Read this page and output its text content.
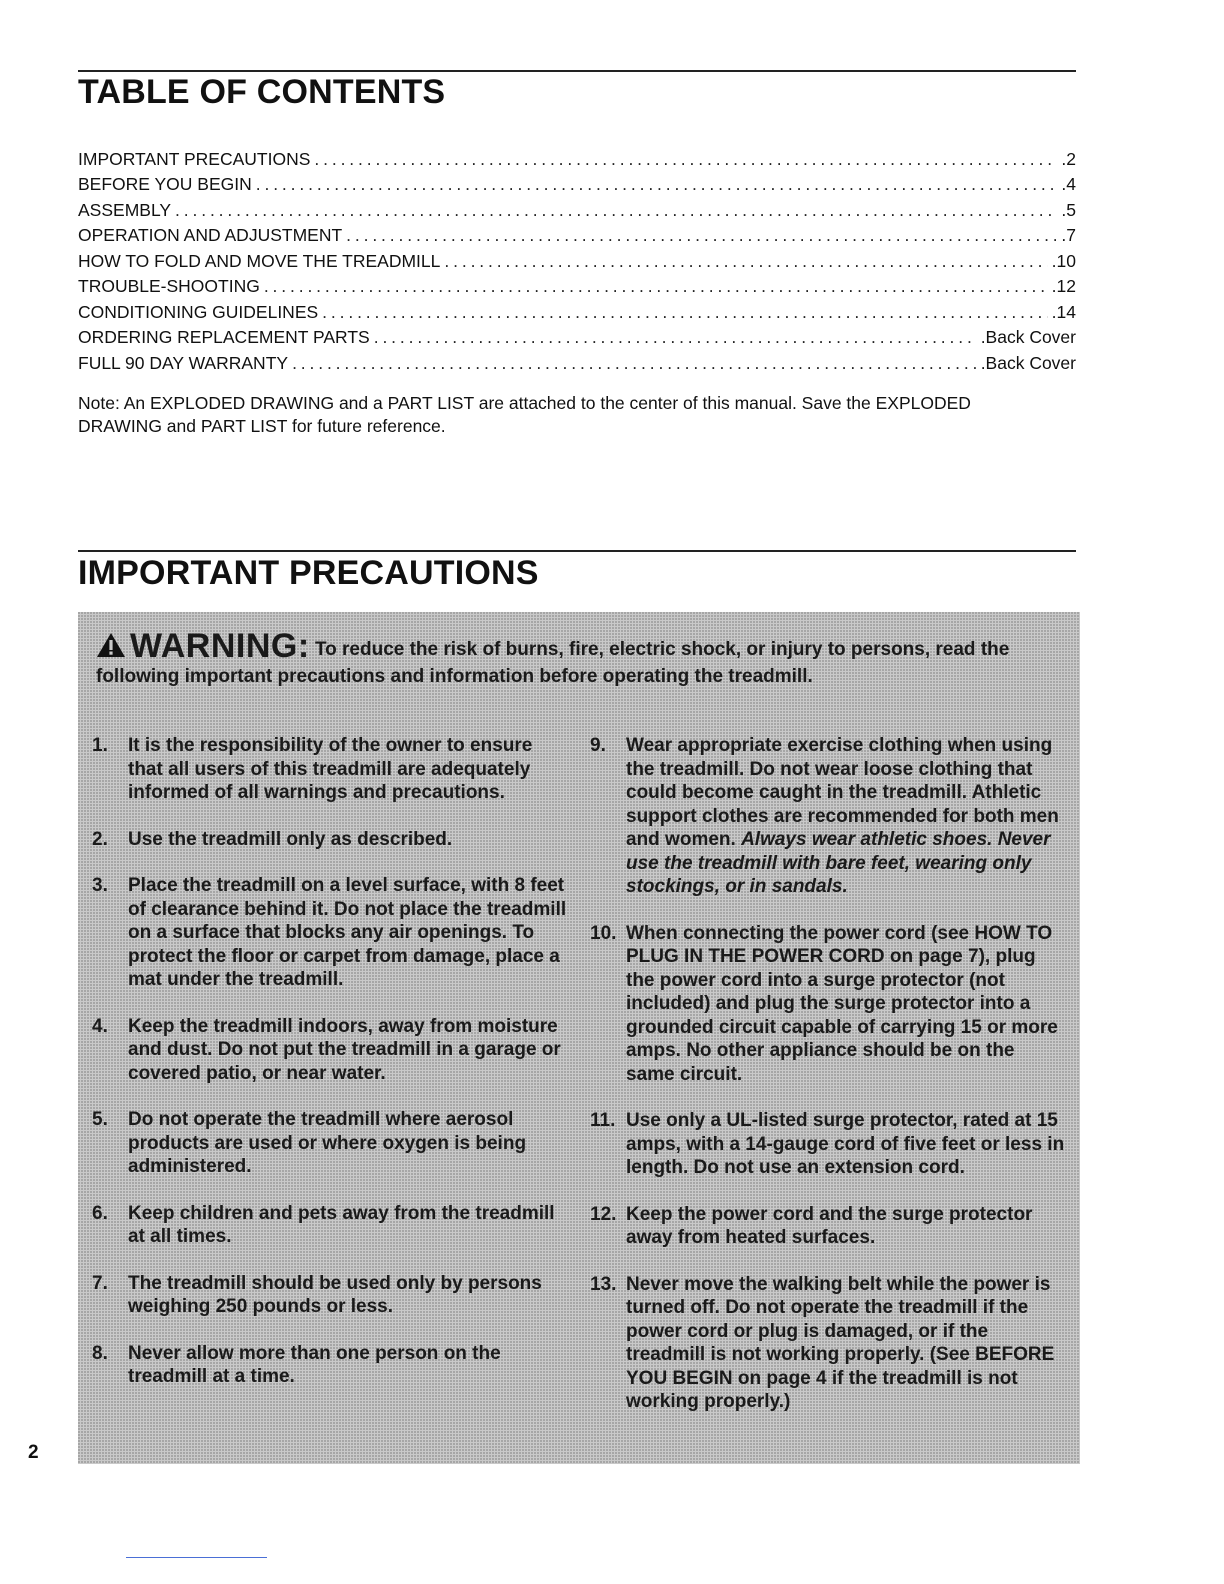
TABLE OF CONTENTS
IMPORTANT PRECAUTIONS . . .	.2
BEFORE YOU BEGIN . . .	.4
ASSEMBLY . . .	.5
OPERATION AND ADJUSTMENT . . .	.7
HOW TO FOLD AND MOVE THE TREADMILL . . .	.10
TROUBLE-SHOOTING . . .	.12
CONDITIONING GUIDELINES . . .	.14
ORDERING REPLACEMENT PARTS . . .	.Back Cover
FULL 90 DAY WARRANTY . . .	.Back Cover

Note: An EXPLODED DRAWING and a PART LIST are attached to the center of this manual. Save the EXPLODED DRAWING and PART LIST for future reference.

IMPORTANT PRECAUTIONS
WARNING: To reduce the risk of burns, fire, electric shock, or injury to persons, read the following important precautions and information before operating the treadmill.
1.	It is the responsibility of the owner to ensure that all users of this treadmill are adequately informed of all warnings and precautions.
2.	Use the treadmill only as described.
3.	Place the treadmill on a level surface, with 8 feet of clearance behind it. Do not place the treadmill on a surface that blocks any air openings. To protect the floor or carpet from damage, place a mat under the treadmill.
4.	Keep the treadmill indoors, away from moisture and dust. Do not put the treadmill in a garage or covered patio, or near water.
5.	Do not operate the treadmill where aerosol products are used or where oxygen is being administered.
6.	Keep children and pets away from the treadmill at all times.
7.	The treadmill should be used only by persons weighing 250 pounds or less.
8.	Never allow more than one person on the treadmill at a time.
9.	Wear appropriate exercise clothing when using the treadmill. Do not wear loose clothing that could become caught in the treadmill. Athletic support clothes are recommended for both men and women. Always wear athletic shoes. Never use the treadmill with bare feet, wearing only stockings, or in sandals.
10. When connecting the power cord (see HOW TO PLUG IN THE POWER CORD on page 7), plug the power cord into a surge protector (not included) and plug the surge protector into a grounded circuit capable of carrying 15 or more amps. No other appliance should be on the same circuit.
11. Use only a UL-listed surge protector, rated at 15 amps, with a 14-gauge cord of five feet or less in length. Do not use an extension cord.
12. Keep the power cord and the surge protector away from heated surfaces.
13. Never move the walking belt while the power is turned off. Do not operate the treadmill if the power cord or plug is damaged, or if the treadmill is not working properly. (See BEFORE YOU BEGIN on page 4 if the treadmill is not working properly.)
2
